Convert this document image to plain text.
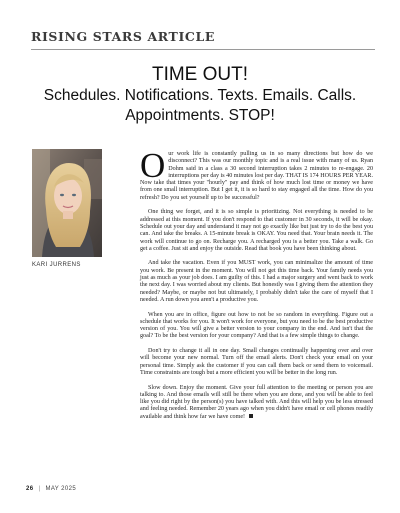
RISING STARS ARTICLE
TIME OUT!
Schedules. Notifications. Texts. Emails. Calls.
Appointments. STOP!
KARI JURRENS

Our work life is constantly pulling us in so many directions but how do we disconnect? This was our monthly topic and is a real issue with many of us. Ryan Dohm said in a class a 30 second interruption takes 2 minutes to re-engage. 20 interruptions per day is 40 minutes lost per day. THAT IS 174 HOURS PER YEAR. Now take that times your "hourly" pay and think of how much lost time or money we have from one small interruption. But I get it, it is so hard to stay engaged all the time. How do you refresh? Do you set yourself up to be successful?

One thing we forget, and it is so simple is prioritizing. Not everything is needed to be addressed at this moment. If you don't respond to that customer in 30 seconds, it will be okay. Schedule out your day and understand it may not go exactly like but just try to do the best you can. And take the breaks. A 15-minute break is OKAY. You need that. Your brain needs it. The work will continue to go on. Recharge you. A recharged you is a better you. Take a walk. Go get a coffee. Just sit and enjoy the outside. Read that book you have been thinking about.

And take the vacation. Even if you MUST work, you can minimalize the amount of time you work. Be present in the moment. You will not get this time back. Your family needs you just as much as your job does. I am guilty of this. I had a major surgery and went back to work the next day. I was worried about my clients. But honestly was I giving them the attention they needed? Maybe, or maybe not but ultimately, I probably didn't take the care of myself that I needed. A run down you aren't a productive you.

When you are in office, figure out how to not be so random in everything. Figure out a schedule that works for you. It won't work for everyone, but you need to be the best productive version of you. You will give a better version to your company in the end. And isn't that the goal? To be the best version for your company? And that is a few simple things to change.

Don't try to change it all in one day. Small changes continually happening over and over will become your new normal. Turn off the email alerts. Don't check your email on your personal time. Simply ask the customer if you can call them back or send them to voicemail. Time constraints are tough but a more efficient you will be better in the long run.

Slow down. Enjoy the moment. Give your full attention to the meeting or person you are talking to. And those emails will still be there when you are done, and you will be able to feel like you did right by the person(s) you have talked with. And this will help you be less stressed and feeling needed. Remember 20 years ago when you didn't have email or cell phones readily available and think how far we have come!

26 | MAY 2025
